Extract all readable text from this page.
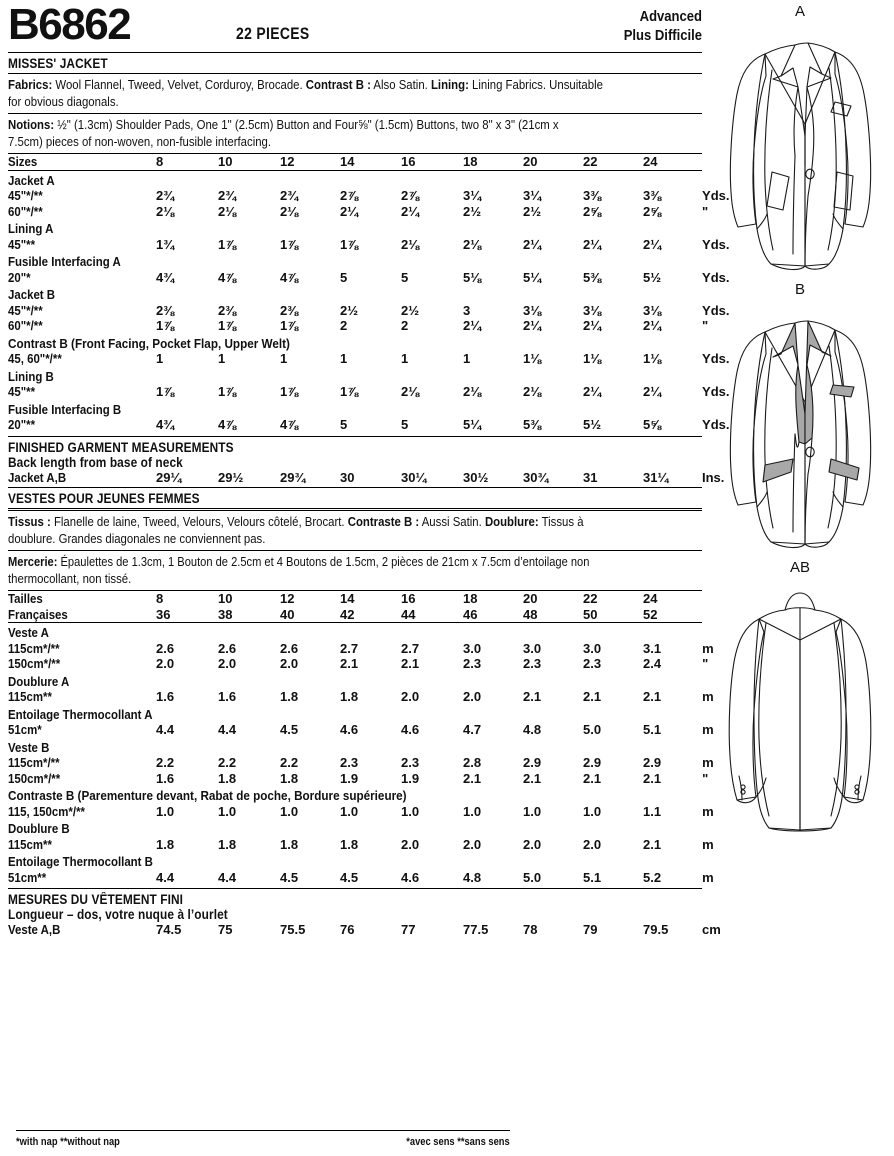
B6862	22 PIECES
Advanced
Plus Difficile
MISSES' JACKET
Fabrics: Wool Flannel, Tweed, Velvet, Corduroy, Brocade. Contrast B : Also Satin. Lining: Lining Fabrics. Unsuitable
for obvious diagonals.
Notions: ½" (1.3cm) Shoulder Pads, One 1" (2.5cm) Button and Four⅝" (1.5cm) Buttons, two 8" x 3" (21cm x
7.5cm) pieces of non-woven, non-fusible interfacing.
Sizes	8	10	12	14	16	18	20	22	24	
Jacket A										
45"*/**	2¾	2¾	2¾	2⅞	2⅞	3¼	3¼	3⅜	3⅜	Yds.
60"*/**	2⅛	2⅛	2⅛	2¼	2¼	2½	2½	2⅝	2⅝	"
Lining A										
45"**	1¾	1⅞	1⅞	1⅞	2⅛	2⅛	2¼	2¼	2¼	Yds.
Fusible Interfacing A										
20"*	4¾	4⅞	4⅞	5	5	5⅛	5¼	5⅜	5½	Yds.
Jacket B										
45"*/**	2⅜	2⅜	2⅜	2½	2½	3	3⅛	3⅛	3⅛	Yds.
60"*/**	1⅞	1⅞	1⅞	2	2	2¼	2¼	2¼	2¼	"
Contrast B (Front Facing, Pocket Flap, Upper Welt)										
45, 60"*/**	1	1	1	1	1	1	1⅛	1⅛	1⅛	Yds.
Lining B										
45"**	1⅞	1⅞	1⅞	1⅞	2⅛	2⅛	2⅛	2¼	2¼	Yds.
Fusible Interfacing B										
20"**	4¾	4⅞	4⅞	5	5	5¼	5⅜	5½	5⅝	Yds.
FINISHED GARMENT MEASUREMENTS
Back length from base of neck
Jacket A,B	29¼	29½	29¾	30	30¼	30½	30¾	31	31¼	Ins.
VESTES POUR JEUNES FEMMES
Tissus : Flanelle de laine, Tweed, Velours, Velours côtelé, Brocart. Contraste B : Aussi Satin. Doublure: Tissus à
doublure. Grandes diagonales ne conviennent pas.
Mercerie: Épaulettes de 1.3cm, 1 Bouton de 2.5cm et 4 Boutons de 1.5cm, 2 pièces de 21cm x 7.5cm d’entoilage non
thermocollant, non tissé.
Tailles	8	10	12	14	16	18	20	22	24	
Françaises	36	38	40	42	44	46	48	50	52	
Veste A										
115cm*/**	2.6	2.6	2.6	2.7	2.7	3.0	3.0	3.0	3.1	m
150cm*/**	2.0	2.0	2.0	2.1	2.1	2.3	2.3	2.3	2.4	"
Doublure A										
115cm**	1.6	1.6	1.8	1.8	2.0	2.0	2.1	2.1	2.1	m
Entoilage Thermocollant A										
51cm*	4.4	4.4	4.5	4.6	4.6	4.7	4.8	5.0	5.1	m
Veste B										
115cm*/**	2.2	2.2	2.2	2.3	2.3	2.8	2.9	2.9	2.9	m
150cm*/**	1.6	1.8	1.8	1.9	1.9	2.1	2.1	2.1	2.1	"
Contraste B (Parementure devant, Rabat de poche, Bordure supérieure)										
115, 150cm*/**	1.0	1.0	1.0	1.0	1.0	1.0	1.0	1.0	1.1	m
Doublure B										
115cm**	1.8	1.8	1.8	1.8	2.0	2.0	2.0	2.0	2.1	m
Entoilage Thermocollant B										
51cm**	4.4	4.4	4.5	4.5	4.6	4.8	5.0	5.1	5.2	m
MESURES DU VÊTEMENT FINI
Longueur – dos, votre nuque à l’ourlet
Veste A,B	74.5	75	75.5	76	77	77.5	78	79	79.5	cm
*with nap **without nap	*avec sens **sans sens
A
B
AB
